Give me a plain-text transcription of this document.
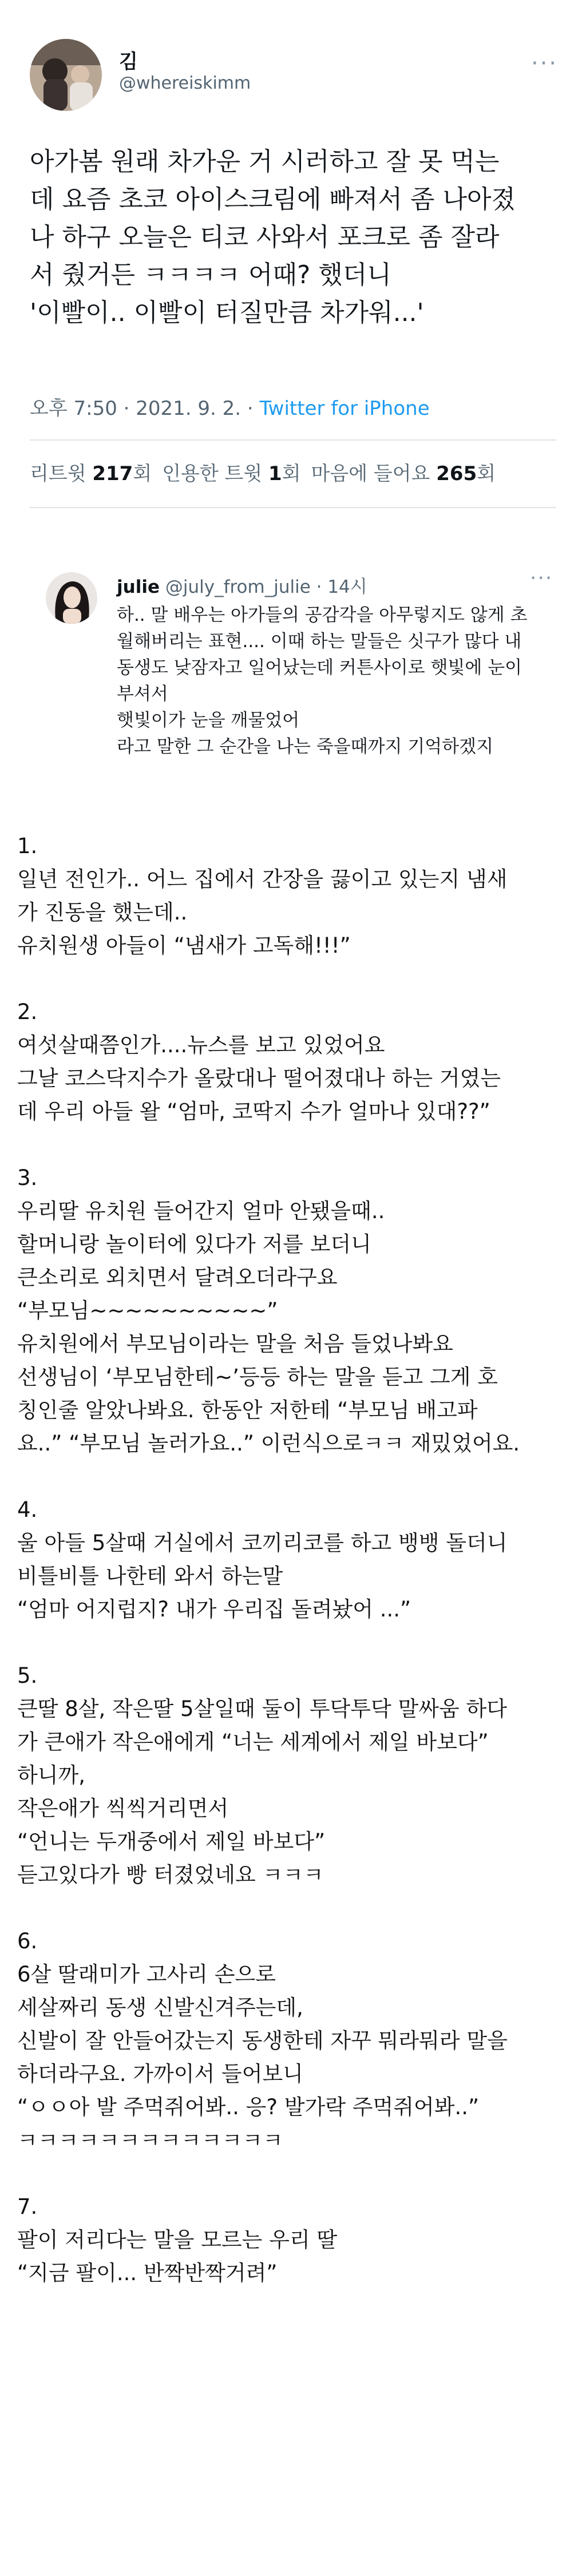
김
@whereiskimm
···

아가봄 원래 차가운 거 시러하고 잘 못 먹는

데 요즘 초코 아이스크림에 빠져서 좀 나아졌

나 하구 오늘은 티코 사와서 포크로 좀 잘라

서 줬거든 ㅋㅋㅋㅋ 어때? 했더니

'이빨이.. 이빨이 터질만큼 차가워...'

오후 7:50 · 2021. 9. 2. · Twitter for iPhone
리트윗 217회 인용한 트윗 1회 마음에 들어요 265회
julie @july_from_julie · 14시	···

하.. 말 배우는 아가들의 공감각을 아무렇지도 않게 초

월해버리는 표현.... 이때 하는 말들은 싯구가 많다 내

동생도 낮잠자고 일어났는데 커튼사이로 햇빛에 눈이

부셔서

햇빛이가 눈을 깨물었어

라고 말한 그 순간을 나는 죽을때까지 기억하겠지

1.

일년 전인가.. 어느 집에서 간장을 끓이고 있는지 냄새

가 진동을 했는데..

유치원생 아들이 “냄새가 고독해!!!”

2.

여섯살때쯤인가....뉴스를 보고 있었어요

그날 코스닥지수가 올랐대나 떨어졌대나 하는 거였는

데 우리 아들 왈 “엄마, 코딱지 수가 얼마나 있대??”

3.

우리딸 유치원 들어간지 얼마 안됐을때..

할머니랑 놀이터에 있다가 저를 보더니

큰소리로 외치면서 달려오더라구요

“부모님~~~~~~~~~~”

유치원에서 부모님이라는 말을 처음 들었나봐요

선생님이 ‘부모님한테~’등등 하는 말을 듣고 그게 호

칭인줄 알았나봐요. 한동안 저한테 “부모님 배고파

요..” “부모님 놀러가요..” 이런식으로ㅋㅋ 재밌었어요.

4.

울 아들 5살때 거실에서 코끼리코를 하고 뱅뱅 돌더니

비틀비틀 나한테 와서 하는말

“엄마 어지럽지? 내가 우리집 돌려놨어 ...”

5.

큰딸 8살, 작은딸 5살일때 둘이 투닥투닥 말싸움 하다

가 큰애가 작은애에게 “너는 세계에서 제일 바보다”

하니까,

작은애가 씩씩거리면서

“언니는 두개중에서 제일 바보다”

듣고있다가 빵 터졌었네요 ㅋㅋㅋ

6.

6살 딸래미가 고사리 손으로

세살짜리 동생 신발신겨주는데,

신발이 잘 안들어갔는지 동생한테 자꾸 뭐라뭐라 말을

하더라구요. 가까이서 들어보니

“ㅇㅇ아 발 주먹쥐어봐.. 응? 발가락 주먹쥐어봐..”

ㅋㅋㅋㅋㅋㅋㅋㅋㅋㅋㅋㅋㅋ

7.

팔이 저리다는 말을 모르는 우리 딸

“지금 팔이... 반짝반짝거려”
